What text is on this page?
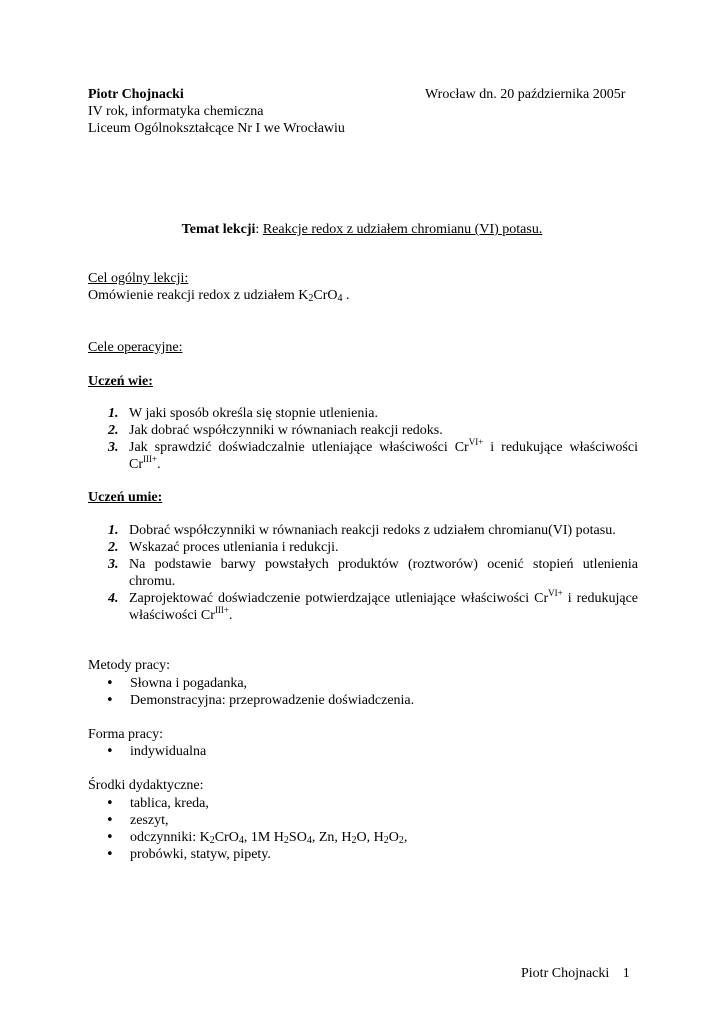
Piotr Chojnacki	Wrocław dn. 20 października 2005r
IV rok, informatyka chemiczna
Liceum Ogólnokształcące Nr I we Wrocławiu
Temat lekcji: Reakcje redox z udziałem chromianu (VI) potasu.
Cel ogólny lekcji:
Omówienie reakcji redox z udziałem $K_2CrO_4$ .
Cele operacyjne:
Uczeń wie:
1. W jaki sposób określa się stopnie utlenienia.
2. Jak dobrać współczynniki w równaniach reakcji redoks.
3. Jak sprawdzić doświadczalnie utleniające właściwości $Cr^{VI+}$ i redukujące właściwości $Cr^{III+}$.
Uczeń umie:
1. Dobrać współczynniki w równaniach reakcji redoks z udziałem chromianu(VI) potasu.
2. Wskazać proces utleniania i redukcji.
3. Na podstawie barwy powstałych produktów (roztworów) ocenić stopień utlenienia chromu.
4. Zaprojektować doświadczenie potwierdzające utleniające właściwości $Cr^{VI+}$ i redukujące właściwości $Cr^{III+}$.
Metody pracy:
• Słowna i pogadanka,
• Demonstracyjna: przeprowadzenie doświadczenia.
Forma pracy:
• indywidualna
Środki dydaktyczne:
• tablica, kreda,
• zeszyt,
• odczynniki: $K_2CrO_4$, 1M $H_2SO_4$, Zn, $H_2O$, $H_2O_2$,
• probówki, statyw, pipety.
Piotr Chojnacki 1
